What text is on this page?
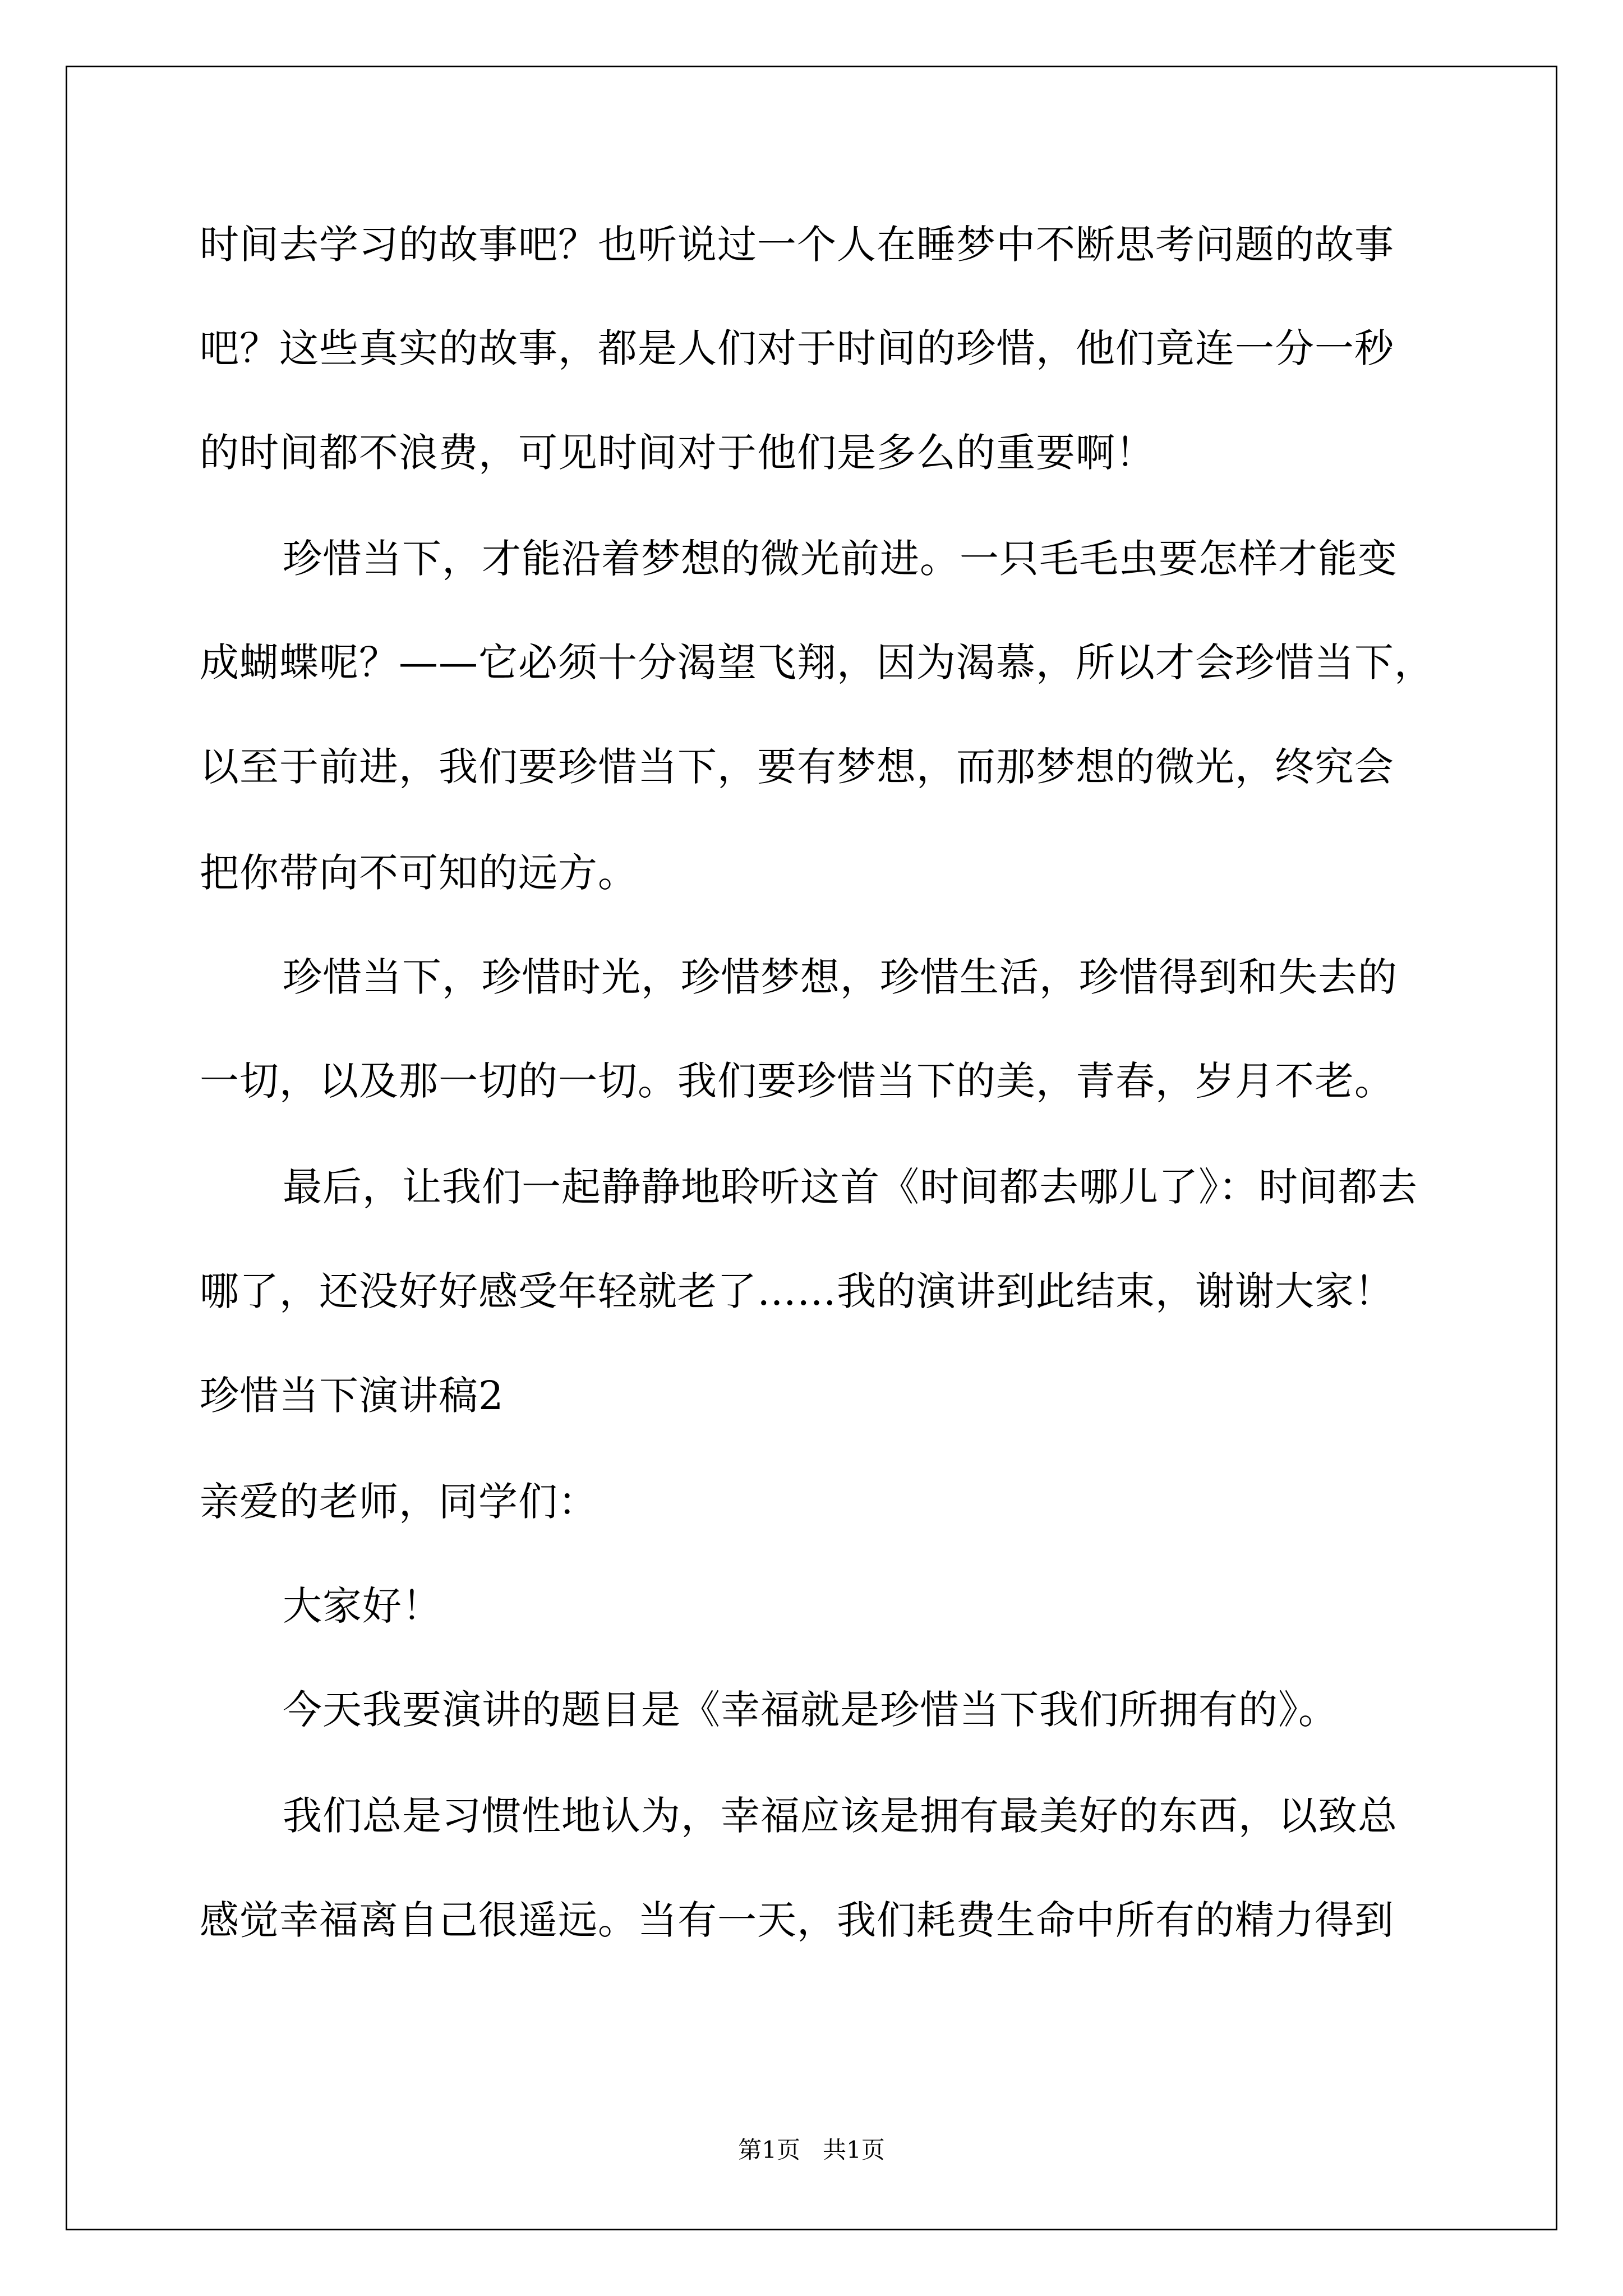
时间去学习的故事吧？也听说过一个人在睡梦中不断思考问题的故事
吧？这些真实的故事，都是人们对于时间的珍惜，他们竟连一分一秒
的时间都不浪费，可见时间对于他们是多么的重要啊！
珍惜当下，才能沿着梦想的微光前进。一只毛毛虫要怎样才能变
成蝴蝶呢？——它必须十分渴望飞翔，因为渴慕，所以才会珍惜当下，
以至于前进，我们要珍惜当下，要有梦想，而那梦想的微光，终究会
把你带向不可知的远方。
珍惜当下，珍惜时光，珍惜梦想，珍惜生活，珍惜得到和失去的
一切，以及那一切的一切。我们要珍惜当下的美，青春，岁月不老。
最后，让我们一起静静地聆听这首《时间都去哪儿了》：时间都去
哪了，还没好好感受年轻就老了……我的演讲到此结束，谢谢大家！
珍惜当下演讲稿2
亲爱的老师，同学们：
大家好！
今天我要演讲的题目是《幸福就是珍惜当下我们所拥有的》。
我们总是习惯性地认为，幸福应该是拥有最美好的东西，以致总
感觉幸福离自己很遥远。当有一天，我们耗费生命中所有的精力得到
第1页   共1页
